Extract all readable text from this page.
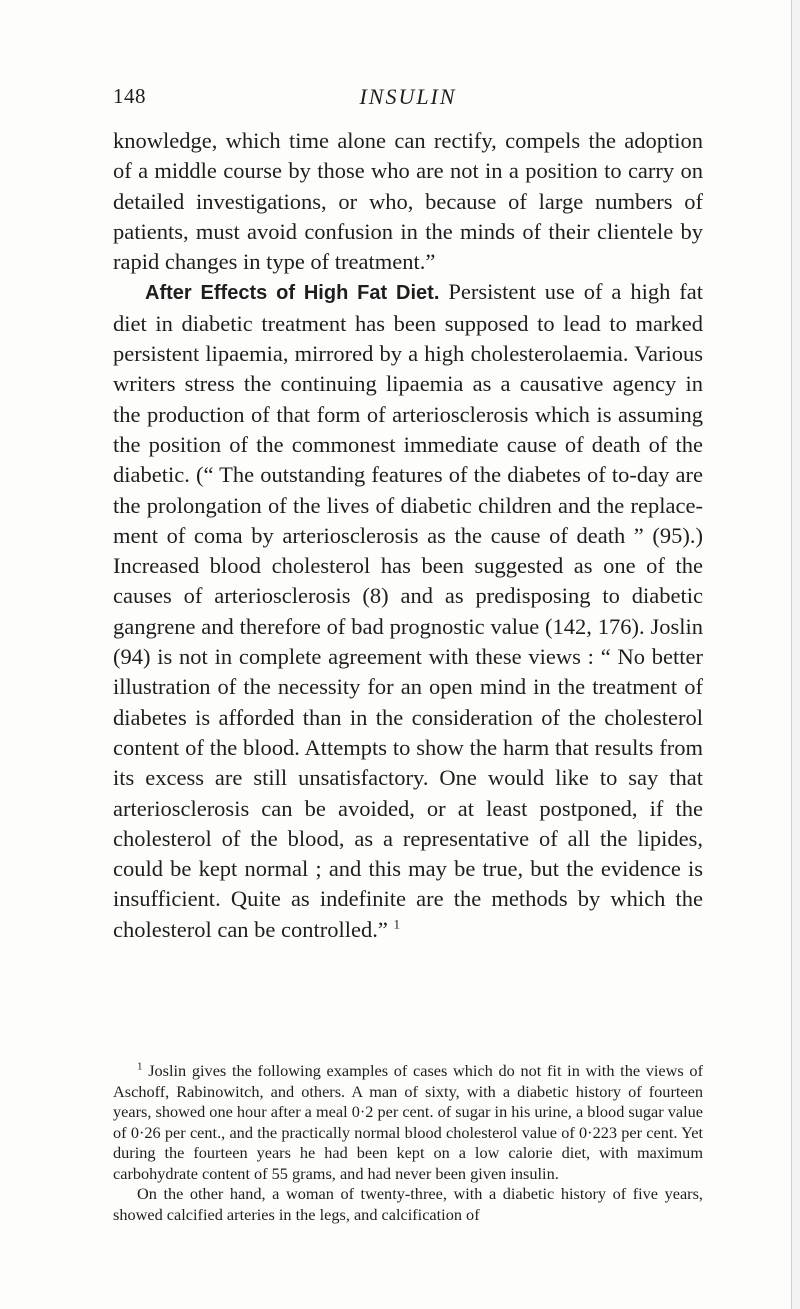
148	INSULIN

knowledge, which time alone can rectify, compels the adoption of a middle course by those who are not in a position to carry on detailed investigations, or who, because of large numbers of patients, must avoid confusion in the minds of their clientele by rapid changes in type of treatment.”

After Effects of High Fat Diet. Persistent use of a high fat diet in diabetic treatment has been supposed to lead to marked persistent lipaemia, mirrored by a high cholesterolaemia. Various writers stress the continuing lipaemia as a causative agency in the production of that form of arteriosclerosis which is assuming the position of the commonest immediate cause of death of the diabetic. (“ The outstanding features of the diabetes of to-day are the prolongation of the lives of diabetic children and the replacement of coma by arteriosclerosis as the cause of death ” (95).) Increased blood cholesterol has been suggested as one of the causes of arteriosclerosis (8) and as predisposing to diabetic gangrene and therefore of bad prognostic value (142, 176). Joslin (94) is not in complete agreement with these views : “ No better illustration of the necessity for an open mind in the treatment of diabetes is afforded than in the consideration of the cholesterol content of the blood. Attempts to show the harm that results from its excess are still unsatisfactory. One would like to say that arteriosclerosis can be avoided, or at least postponed, if the cholesterol of the blood, as a representative of all the lipides, could be kept normal ; and this may be true, but the evidence is insufficient. Quite as indefinite are the methods by which the cholesterol can be controlled.” $^1$

$^1$ Joslin gives the following examples of cases which do not fit in with the views of Aschoff, Rabinowitch, and others. A man of sixty, with a diabetic history of fourteen years, showed one hour after a meal 0·2 per cent. of sugar in his urine, a blood sugar value of 0·26 per cent., and the practically normal blood cholesterol value of 0·223 per cent. Yet during the fourteen years he had been kept on a low calorie diet, with maximum carbohydrate content of 55 grams, and had never been given insulin.

On the other hand, a woman of twenty-three, with a diabetic history of five years, showed calcified arteries in the legs, and calcification of
